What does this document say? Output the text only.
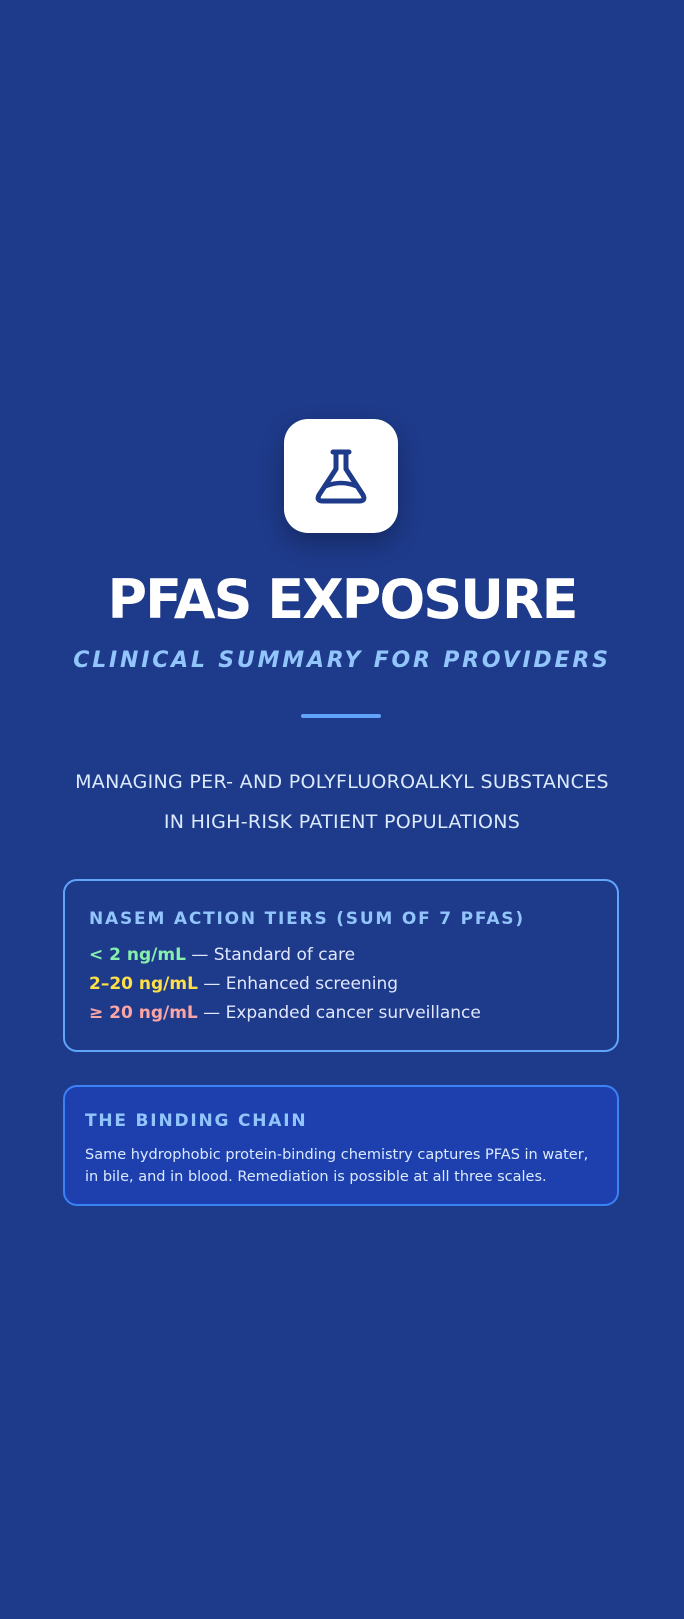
PFAS EXPOSURE
CLINICAL SUMMARY FOR PROVIDERS
MANAGING PER- AND POLYFLUOROALKYL SUBSTANCES
IN HIGH-RISK PATIENT POPULATIONS
NASEM ACTION TIERS (SUM OF 7 PFAS)
< 2 ng/mL — Standard of care
2–20 ng/mL — Enhanced screening
≥ 20 ng/mL — Expanded cancer surveillance
THE BINDING CHAIN
Same hydrophobic protein-binding chemistry captures PFAS in water, in bile, and in blood. Remediation is possible at all three scales.
